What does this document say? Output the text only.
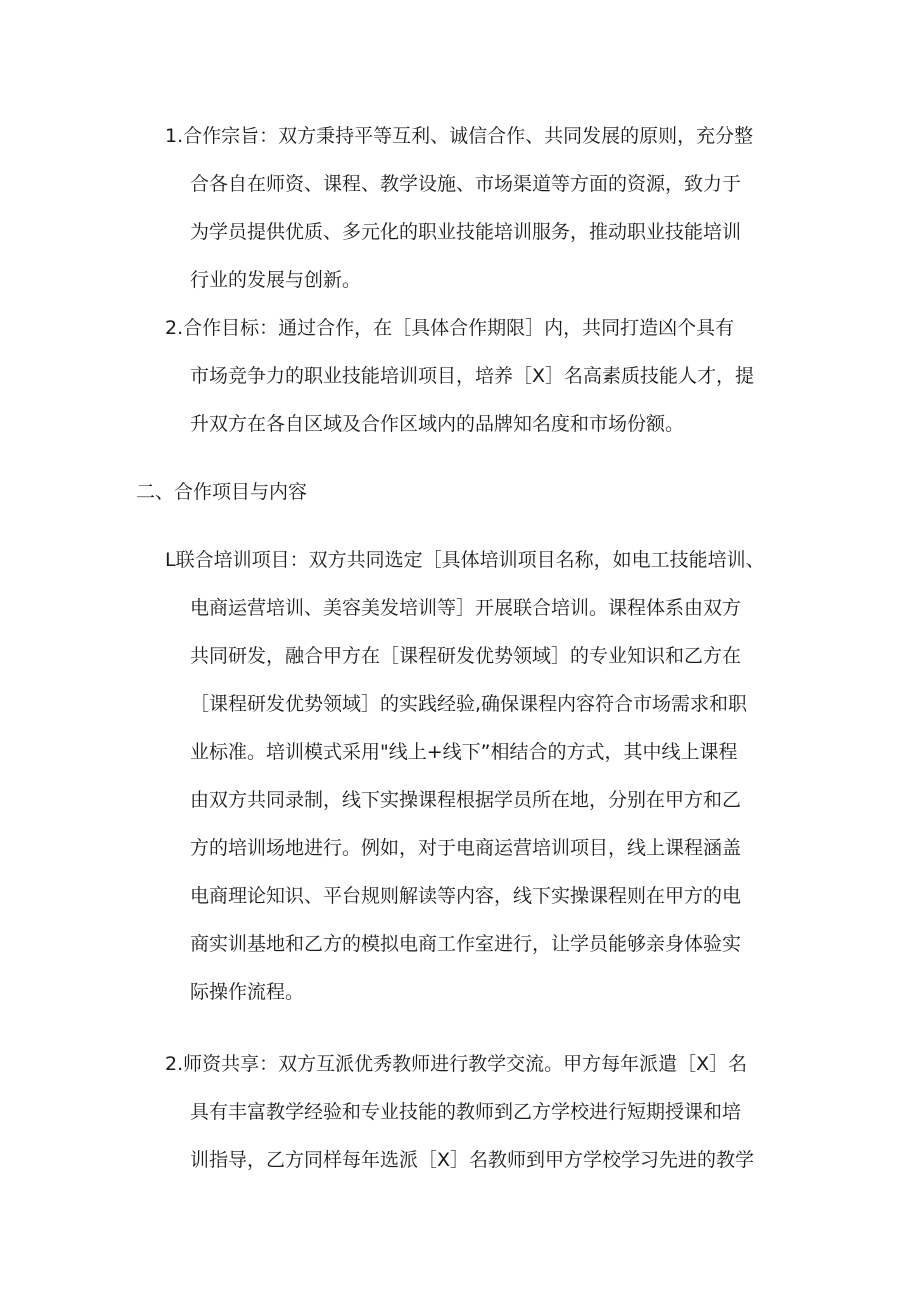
1.合作宗旨：双方秉持平等互利、诚信合作、共同发展的原则，充分整
合各自在师资、课程、教学设施、市场渠道等方面的资源，致力于
为学员提供优质、多元化的职业技能培训服务，推动职业技能培训
行业的发展与创新。
2.合作目标：通过合作，在［具体合作期限］内，共同打造凶个具有
市场竞争力的职业技能培训项目，培养［X］名高素质技能人才，提
升双方在各自区域及合作区域内的品牌知名度和市场份额。
二、合作项目与内容
L联合培训项目：双方共同选定［具体培训项目名称，如电工技能培训、
电商运营培训、美容美发培训等］开展联合培训。课程体系由双方
共同研发，融合甲方在［课程研发优势领域］的专业知识和乙方在
［课程研发优势领域］的实践经验,确保课程内容符合市场需求和职
业标准。培训模式采用"线上+线下”相结合的方式，其中线上课程
由双方共同录制，线下实操课程根据学员所在地，分别在甲方和乙
方的培训场地进行。例如，对于电商运营培训项目，线上课程涵盖
电商理论知识、平台规则解读等内容，线下实操课程则在甲方的电
商实训基地和乙方的模拟电商工作室进行，让学员能够亲身体验实
际操作流程。
2.师资共享：双方互派优秀教师进行教学交流。甲方每年派遣［X］名
具有丰富教学经验和专业技能的教师到乙方学校进行短期授课和培
训指导，乙方同样每年选派［X］名教师到甲方学校学习先进的教学
